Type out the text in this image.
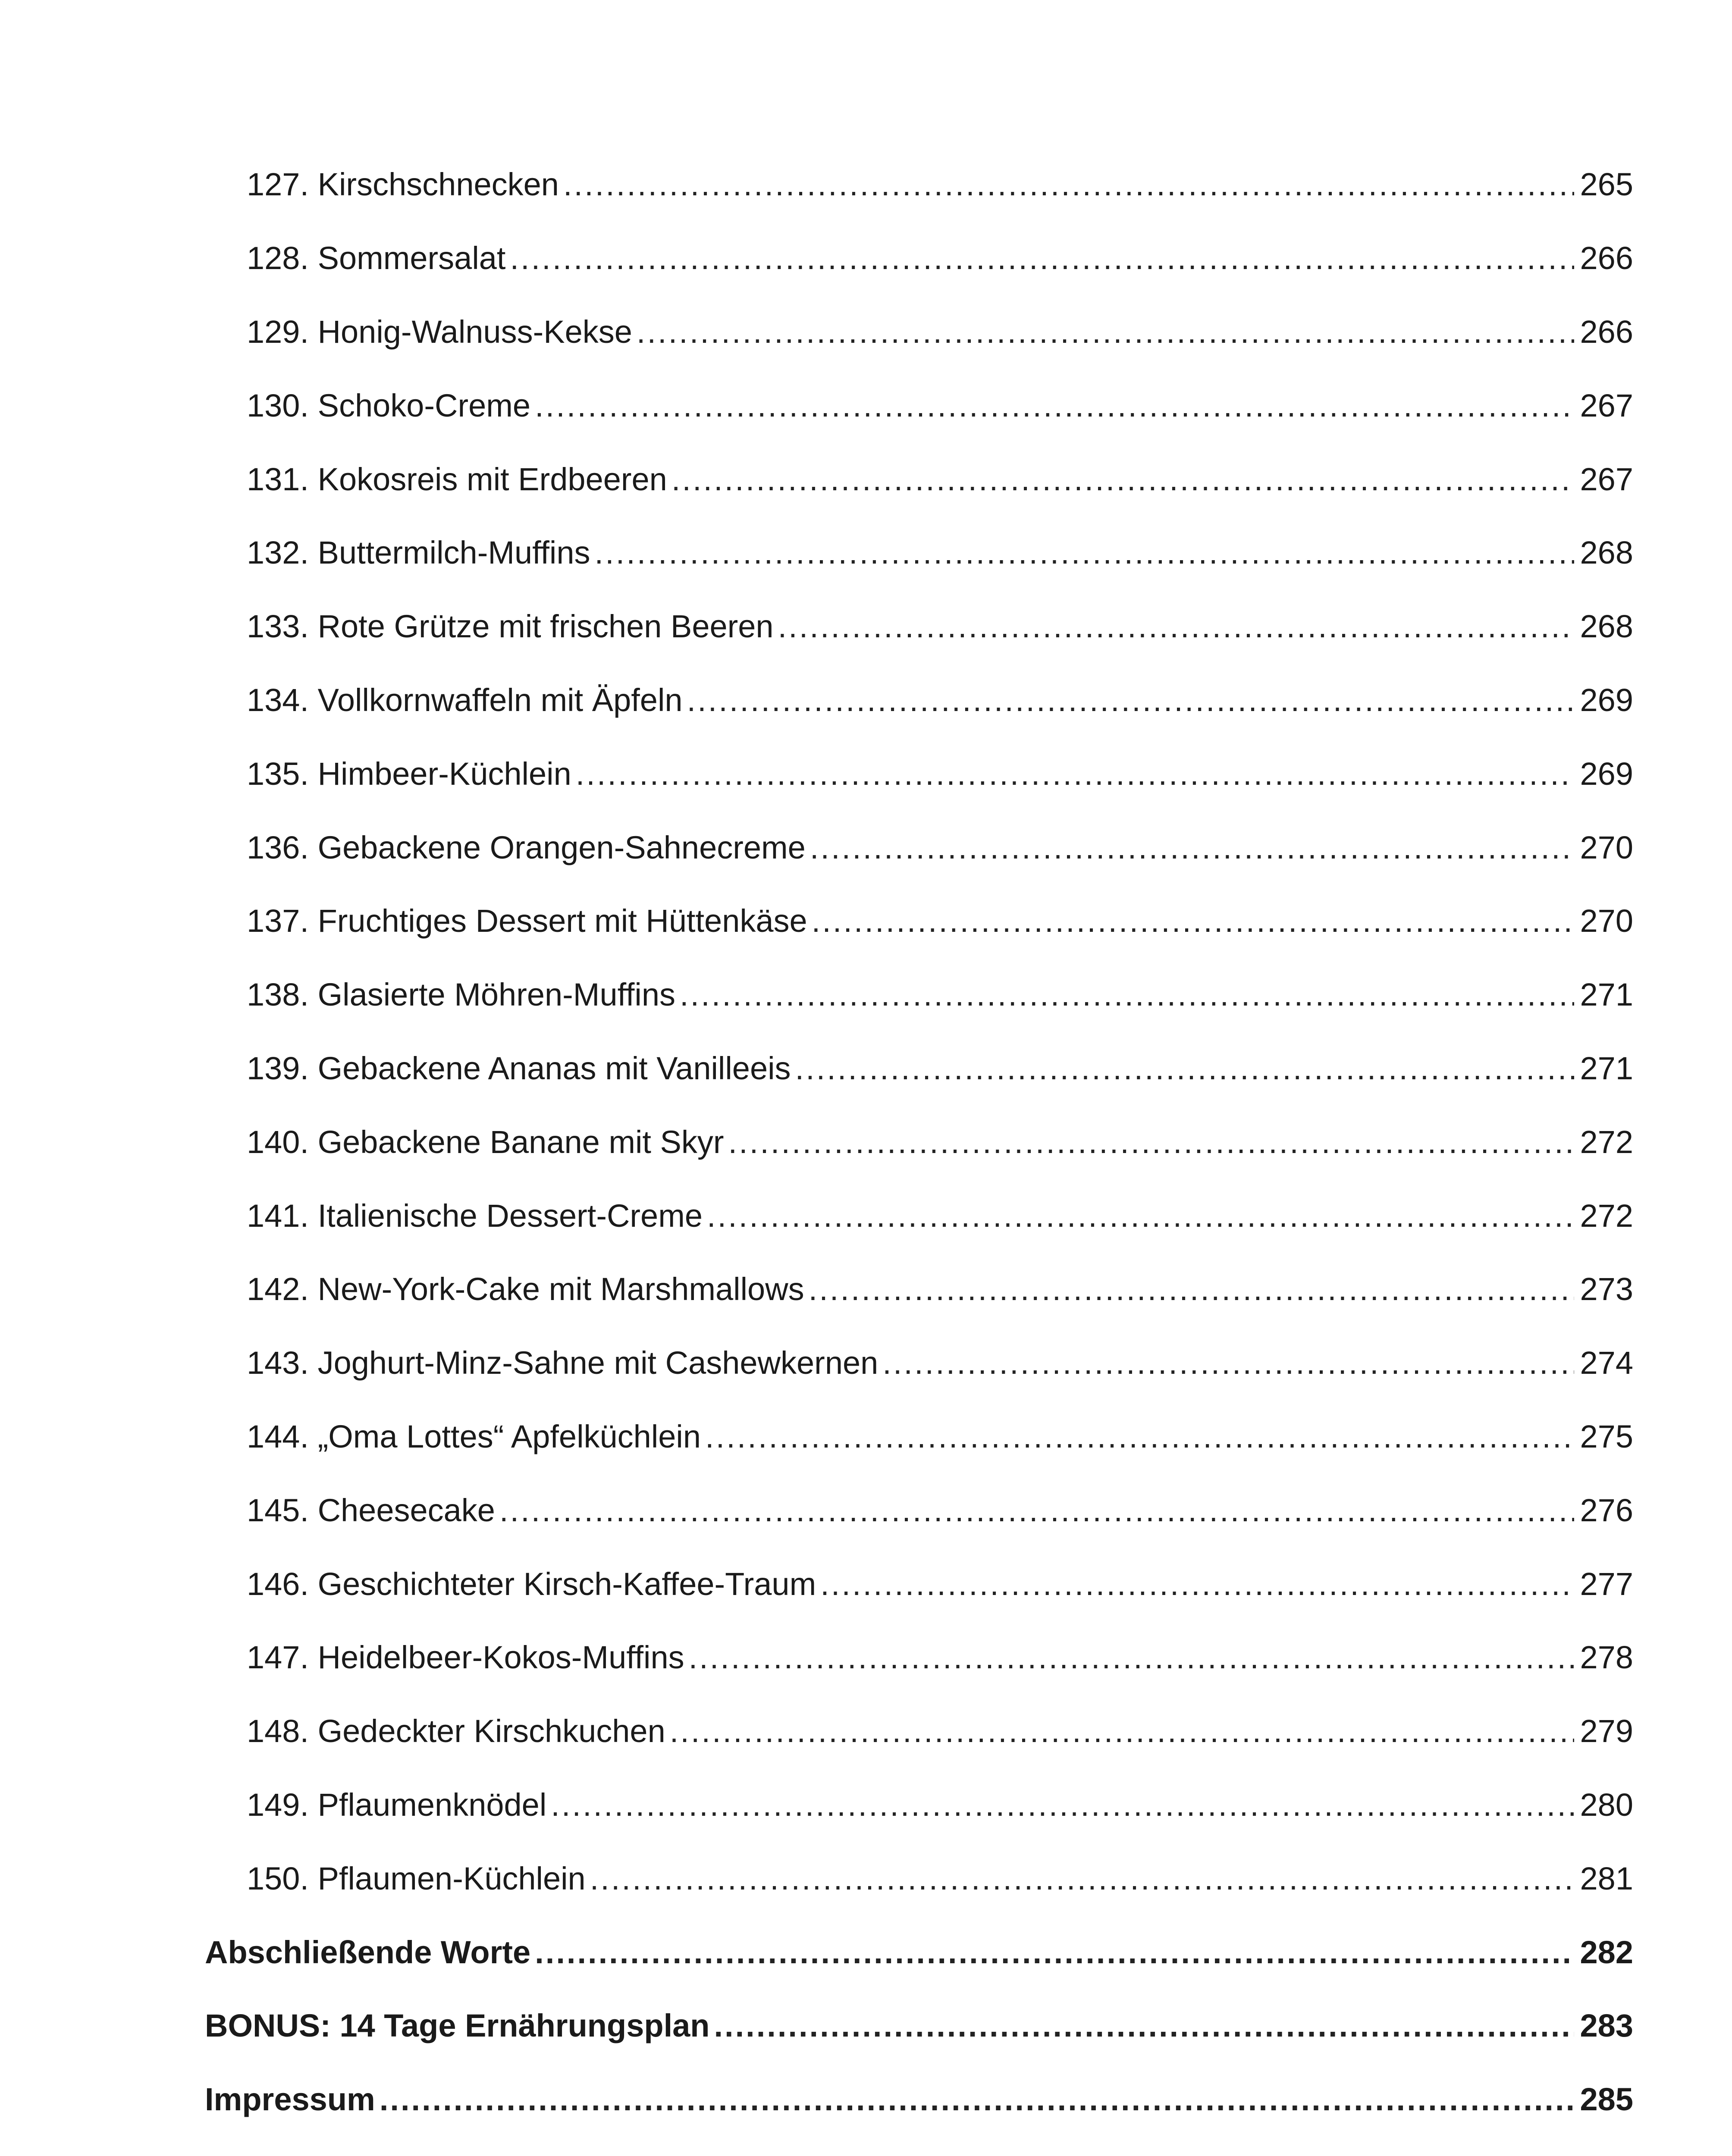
127. Kirschschnecken .....	265
128. Sommersalat .....	266
129. Honig-Walnuss-Kekse .....	266
130. Schoko-Creme .....	267
131. Kokosreis mit Erdbeeren .....	267
132. Buttermilch-Muffins .....	268
133. Rote Grütze mit frischen Beeren .....	268
134. Vollkornwaffeln mit Äpfeln .....	269
135. Himbeer-Küchlein .....	269
136. Gebackene Orangen-Sahnecreme .....	270
137. Fruchtiges Dessert mit Hüttenkäse .....	270
138. Glasierte Möhren-Muffins .....	271
139. Gebackene Ananas mit Vanilleeis .....	271
140. Gebackene Banane mit Skyr .....	272
141. Italienische Dessert-Creme .....	272
142. New-York-Cake mit Marshmallows .....	273
143. Joghurt-Minz-Sahne mit Cashewkernen .....	274
144. „Oma Lottes“ Apfelküchlein .....	275
145. Cheesecake .....	276
146. Geschichteter Kirsch-Kaffee-Traum .....	277
147. Heidelbeer-Kokos-Muffins .....	278
148. Gedeckter Kirschkuchen .....	279
149. Pflaumenknödel .....	280
150. Pflaumen-Küchlein .....	281
Abschließende Worte .....	282
BONUS: 14 Tage Ernährungsplan .....	283
Impressum .....	285
